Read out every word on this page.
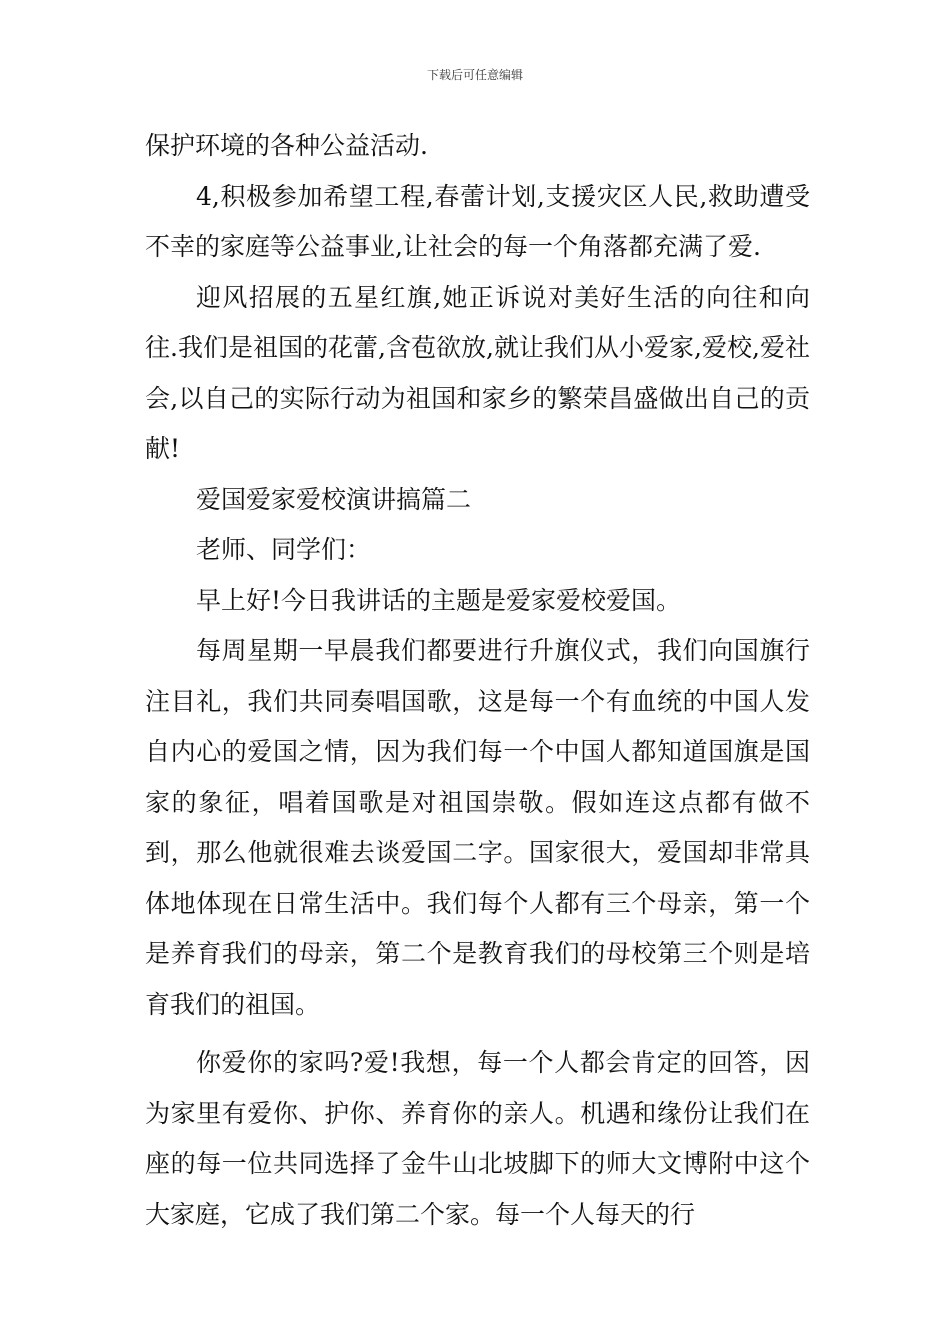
下载后可任意编辑

保护环境的各种公益活动.

4,积极参加希望工程,春蕾计划,支援灾区人民,救助遭受不幸的家庭等公益事业,让社会的每一个角落都充满了爱.

迎风招展的五星红旗,她正诉说对美好生活的向往和向往.我们是祖国的花蕾,含苞欲放,就让我们从小爱家,爱校,爱社会,以自己的实际行动为祖国和家乡的繁荣昌盛做出自己的贡献!

爱国爱家爱校演讲搞篇二

老师、同学们：

早上好!今日我讲话的主题是爱家爱校爱国。

每周星期一早晨我们都要进行升旗仪式，我们向国旗行注目礼，我们共同奏唱国歌，这是每一个有血统的中国人发自内心的爱国之情，因为我们每一个中国人都知道国旗是国家的象征，唱着国歌是对祖国崇敬。假如连这点都有做不到，那么他就很难去谈爱国二字。国家很大，爱国却非常具体地体现在日常生活中。我们每个人都有三个母亲，第一个是养育我们的母亲，第二个是教育我们的母校第三个则是培育我们的祖国。

你爱你的家吗?爱!我想，每一个人都会肯定的回答，因为家里有爱你、护你、养育你的亲人。机遇和缘份让我们在座的每一位共同选择了金牛山北坡脚下的师大文博附中这个大家庭，它成了我们第二个家。每一个人每天的行
